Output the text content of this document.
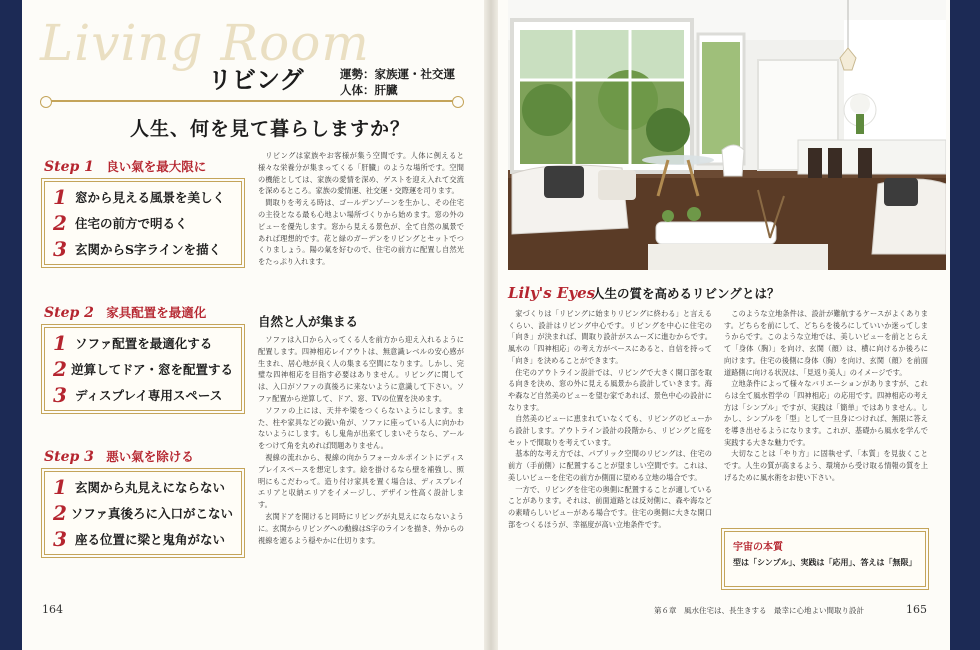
Living Room
リビング	運勢：家族運・社交運
人体：肝臓
人生、何を見て暮らしますか？
Step 1 良い氣を最大限に
1 窓から見える風景を美しく
2 住宅の前方で明るく
3 玄関からS字ラインを描く
Step 2 家具配置を最適化
1 ソファ配置を最適化する
2 逆算してドア・窓を配置する
3 ディスプレイ専用スペース
Step 3 悪い氣を除ける
1 玄関から丸見えにならない
2 ソファ真後ろに入口がこない
3 座る位置に梁と鬼角がない

リビングは家族やお客様が集う空間です。人体に例えると様々な栄養分が集まってくる「肝臓」のような場所です。空間の機能としては、家族の愛情を深め、ゲストを迎え入れて交流を深めるところ。家族の愛情運、社交運・交際運を司ります。

間取りを考える時は、ゴールデンゾーンを生かし、その住宅の主役となる最も心地よい場所づくりから始めます。窓の外のビューを優先します。窓から見える景色が、全て自然の風景であれば理想的です。花と緑のガーデンをリビングとセットでつくりましょう。陽の氣を好むので、住宅の前方に配置し自然光をたっぷり入れます。

自然と人が集まる

ソファは入口から入ってくる人を前方から迎え入れるように配置します。四神相応レイアウトは、無意識レベルの安心感が生まれ、居心地が良く人の集まる空間になります。しかし、完璧な四神相応を目指す必要はありません。リビングに関しては、入口がソファの真後ろに来ないように意識して下さい。ソファ配置から逆算して、ドア、窓、TVの位置を決めます。

ソファの上には、天井や梁をつくらないようにします。また、柱や家具などの鋭い角が、ソファに座っている人に向かわないようにします。もし鬼角が出来てしまいそうなら、アールをつけて角を丸めれば問題ありません。

視線の流れから、視線の向かうフォーカルポイントにディスプレイスペースを想定します。絵を掛けるなら壁を補強し、照明にもこだわって。造り付け家具を置く場合は、ディスプレイエリアと収納エリアをイメージし、デザイン性高く設計します。

玄関ドアを開けると同時にリビングが丸見えにならないように。玄関からリビングへの動線はS字のラインを描き、外からの視線を遮るよう穏やかに仕切ります。

164
Lily's Eyes
人生の質を高めるリビングとは？

家づくりは「リビングに始まりリビングに終わる」と言えるくらい、設計はリビング中心です。リビングを中心に住宅の「向き」が決まれば、間取り設計がスムーズに進むからです。風水の「四神相応」の考え方がベースにあると、自信を持って「向き」を決めることができます。

住宅のアウトライン設計では、リビングで大きく開口部を取る向きを決め、窓の外に見える風景から設計していきます。海や森など自然美のビューを望む家であれば、景色中心の設計になります。

自然美のビューに恵まれていなくても、リビングのビューから設計します。アウトライン設計の段階から、リビングと庭をセットで間取りを考えています。

基本的な考え方では、パブリック空間のリビングは、住宅の前方（手前側）に配置することが望ましい空間です。これは、美しいビューを住宅の前方か側面に望める立地の場合です。

一方で、リビングを住宅の奥側に配置することが適していることがあります。それは、前面道路とは反対側に、森や海などの素晴らしいビューがある場合です。住宅の奥側に大きな開口部をつくるほうが、幸福度が高い立地条件です。

このような立地条件は、設計が難航するケースがよくあります。どちらを前にして、どちらを後ろにしていいか迷ってしまうからです。このような立地では、美しいビューを前ととらえて「身体（胸）」を向け、玄関（顔）は、横に向けるか後ろに向けます。住宅の後側に身体（胸）を向け、玄関（顔）を前面道路側に向ける状況は、「見返り美人」のイメージです。

立地条件によって様々なバリエーションがありますが、これらは全て風水哲学の「四神相応」の応用です。四神相応の考え方は「シンプル」ですが、実践は「簡単」ではありません。しかし、シンプルを「型」として一旦身につければ、無限に答えを導き出せるようになります。これが、基礎から風水を学んで実践する大きな魅力です。

大切なことは「やり方」に固執せず、「本質」を見抜くことです。人生の質が高まるよう、環境から受け取る情報の質を上げるために風水術をお使い下さい。

宇宙の本質
型は「シンプル」、実践は「応用」、答えは「無限」
第６章　風水住宅は、長生きする　最幸に心地よい間取り設計	165
